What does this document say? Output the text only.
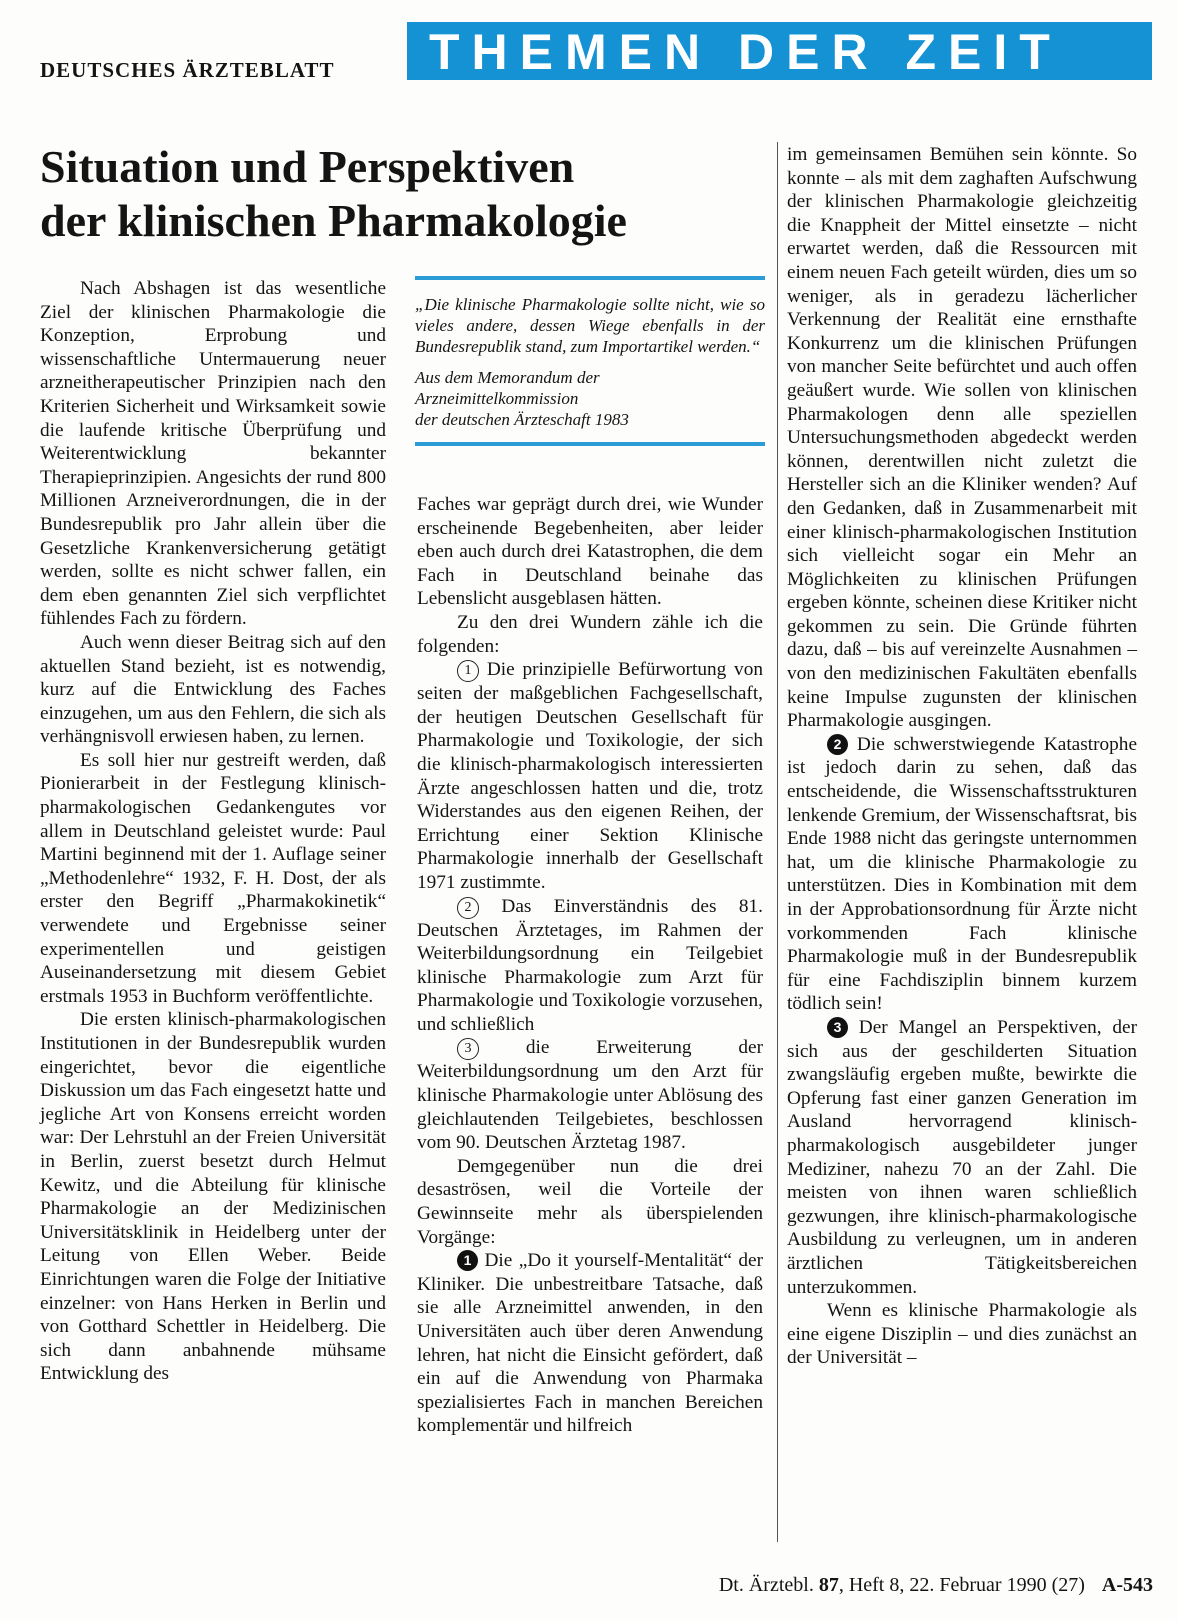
DEUTSCHES ÄRZTEBLATT	THEMEN DER ZEIT
Situation und Perspektiven
der klinischen Pharmakologie

Nach Abshagen ist das wesentliche Ziel der klinischen Pharmakologie die Konzeption, Erprobung und wissenschaftliche Untermauerung neuer arzneitherapeutischer Prinzipien nach den Kriterien Sicherheit und Wirksamkeit sowie die laufende kritische Überprüfung und Weiterentwicklung bekannter Therapieprinzipien. Angesichts der rund 800 Millionen Arzneiverordnungen, die in der Bundesrepublik pro Jahr allein über die Gesetzliche Krankenversicherung getätigt werden, sollte es nicht schwer fallen, ein dem eben genannten Ziel sich verpflichtet fühlendes Fach zu fördern.

Auch wenn dieser Beitrag sich auf den aktuellen Stand bezieht, ist es notwendig, kurz auf die Entwicklung des Faches einzugehen, um aus den Fehlern, die sich als verhängnisvoll erwiesen haben, zu lernen.

Es soll hier nur gestreift werden, daß Pionierarbeit in der Festlegung klinisch-pharmakologischen Gedankengutes vor allem in Deutschland geleistet wurde: Paul Martini beginnend mit der 1. Auflage seiner „Methodenlehre“ 1932, F. H. Dost, der als erster den Begriff „Pharmakokinetik“ verwendete und Ergebnisse seiner experimentellen und geistigen Auseinandersetzung mit diesem Gebiet erstmals 1953 in Buchform veröffentlichte.

Die ersten klinisch-pharmakologischen Institutionen in der Bundesrepublik wurden eingerichtet, bevor die eigentliche Diskussion um das Fach eingesetzt hatte und jegliche Art von Konsens erreicht worden war: Der Lehrstuhl an der Freien Universität in Berlin, zuerst besetzt durch Helmut Kewitz, und die Abteilung für klinische Pharmakologie an der Medizinischen Universitätsklinik in Heidelberg unter der Leitung von Ellen Weber. Beide Einrichtungen waren die Folge der Initiative einzelner: von Hans Herken in Berlin und von Gotthard Schettler in Heidelberg. Die sich dann anbahnende mühsame Entwicklung des

„Die klinische Pharmakologie sollte nicht, wie so vieles andere, dessen Wiege ebenfalls in der Bundesrepublik stand, zum Importartikel werden.“

Aus dem Memorandum der
Arzneimittelkommission
der deutschen Ärzteschaft 1983

Faches war geprägt durch drei, wie Wunder erscheinende Begebenheiten, aber leider eben auch durch drei Katastrophen, die dem Fach in Deutschland beinahe das Lebenslicht ausgeblasen hätten.

Zu den drei Wundern zähle ich die folgenden:

1 Die prinzipielle Befürwortung von seiten der maßgeblichen Fachgesellschaft, der heutigen Deutschen Gesellschaft für Pharmakologie und Toxikologie, der sich die klinisch-pharmakologisch interessierten Ärzte angeschlossen hatten und die, trotz Widerstandes aus den eigenen Reihen, der Errichtung einer Sektion Klinische Pharmakologie innerhalb der Gesellschaft 1971 zustimmte.

2 Das Einverständnis des 81. Deutschen Ärztetages, im Rahmen der Weiterbildungsordnung ein Teilgebiet klinische Pharmakologie zum Arzt für Pharmakologie und Toxikologie vorzusehen, und schließlich

3	die Erweiterung der Weiterbildungsordnung um den Arzt für klinische Pharmakologie unter Ablösung des gleichlautenden Teilgebietes, beschlossen vom 90. Deutschen Ärztetag 1987.

Demgegenüber nun die drei desaströsen, weil die Vorteile der Gewinnseite mehr als überspielenden Vorgänge:

1 Die „Do it yourself-Mentalität“ der Kliniker. Die unbestreitbare Tatsache, daß sie alle Arzneimittel anwenden, in den Universitäten auch über deren Anwendung lehren, hat nicht die Einsicht gefördert, daß ein auf die Anwendung von Pharmaka spezialisiertes Fach in manchen Bereichen komplementär und hilfreich

im gemeinsamen Bemühen sein könnte. So konnte – als mit dem zaghaften Aufschwung der klinischen Pharmakologie gleichzeitig die Knappheit der Mittel einsetzte – nicht erwartet werden, daß die Ressourcen mit einem neuen Fach geteilt würden, dies um so weniger, als in geradezu lächerlicher Verkennung der Realität eine ernsthafte Konkurrenz um die klinischen Prüfungen von mancher Seite befürchtet und auch offen geäußert wurde. Wie sollen von klinischen Pharmakologen denn alle speziellen Untersuchungsmethoden abgedeckt werden können, derentwillen nicht zuletzt die Hersteller sich an die Kliniker wenden? Auf den Gedanken, daß in Zusammenarbeit mit einer klinisch-pharmakologischen Institution sich vielleicht sogar ein Mehr an Möglichkeiten zu klinischen Prüfungen ergeben könnte, scheinen diese Kritiker nicht gekommen zu sein. Die Gründe führten dazu, daß – bis auf vereinzelte Ausnahmen – von den medizinischen Fakultäten ebenfalls keine Impulse zugunsten der klinischen Pharmakologie ausgingen.

2 Die schwerstwiegende Katastrophe ist jedoch darin zu sehen, daß das entscheidende, die Wissenschaftsstrukturen lenkende Gremium, der Wissenschaftsrat, bis Ende 1988 nicht das geringste unternommen hat, um die klinische Pharmakologie zu unterstützen. Dies in Kombination mit dem in der Approbationsordnung für Ärzte nicht vorkommenden Fach klinische Pharmakologie muß in der Bundesrepublik für eine Fachdisziplin binnem kurzem tödlich sein!

3 Der Mangel an Perspektiven, der sich aus der geschilderten Situation zwangsläufig ergeben mußte, bewirkte die Opferung fast einer ganzen Generation im Ausland hervorragend klinisch-pharmakologisch ausgebildeter junger Mediziner, nahezu 70 an der Zahl. Die meisten von ihnen waren schließlich gezwungen, ihre klinisch-pharmakologische Ausbildung zu verleugnen, um in anderen ärztlichen Tätigkeitsbereichen unterzukommen.

Wenn es klinische Pharmakologie als eine eigene Disziplin – und dies zunächst an der Universität –

Dt. Ärztebl. 87, Heft 8, 22. Februar 1990 (27) A-543
